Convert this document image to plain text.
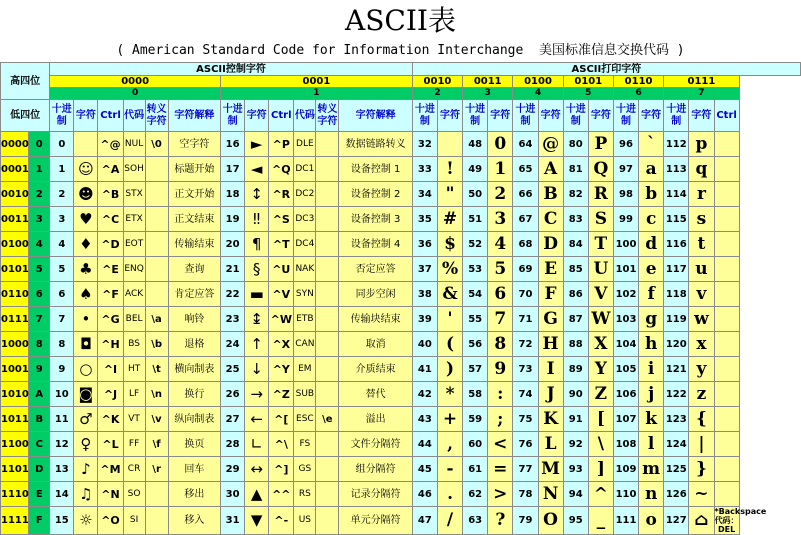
ASCII表
( American Standard Code for Information Interchange  美国标准信息交换代码 )
高四位		ASCII控制字符												ASCII打印字符												
		0000						0001						0010		0011		0100		0101		0110		0111		
		0						1						2		3		4		5		6		7		
低四位		十进制	字符	Ctrl	代码	转义字符	字符解释	十进制	字符	Ctrl	代码	转义字符	字符解释	十进制	字符	十进制	字符	十进制	字符	十进制	字符	十进制	字符	十进制	字符	Ctrl
0000	0	0		^@	NUL	\0	空字符	16	►	^P	DLE		数据链路转义	32		48	0	64	@	80	P	96	`	112	p	
0001	1	1	☺	^A	SOH		标题开始	17	◄	^Q	DC1		设备控制 1	33	!	49	1	65	A	81	Q	97	a	113	q	
0010	2	2	☻	^B	STX		正文开始	18	↕	^R	DC2		设备控制 2	34	"	50	2	66	B	82	R	98	b	114	r	
0011	3	3	♥	^C	ETX		正文结束	19	‼	^S	DC3		设备控制 3	35	#	51	3	67	C	83	S	99	c	115	s	
0100	4	4	♦	^D	EOT		传输结束	20	¶	^T	DC4		设备控制 4	36	$	52	4	68	D	84	T	100	d	116	t	
0101	5	5	♣	^E	ENQ		查询	21	§	^U	NAK		否定应答	37	%	53	5	69	E	85	U	101	e	117	u	
0110	6	6	♠	^F	ACK		肯定应答	22	▬	^V	SYN		同步空闲	38	&	54	6	70	F	86	V	102	f	118	v	
0111	7	7	•	^G	BEL	\a	响铃	23	↨	^W	ETB		传输块结束	39	'	55	7	71	G	87	W	103	g	119	w	
1000	8	8	◘	^H	BS	\b	退格	24	↑	^X	CAN		取消	40	(	56	8	72	H	88	X	104	h	120	x	
1001	9	9	○	^I	HT	\t	横向制表	25	↓	^Y	EM		介质结束	41	)	57	9	73	I	89	Y	105	i	121	y	
1010	A	10	◙	^J	LF	\n	换行	26	→	^Z	SUB		替代	42	*	58	:	74	J	90	Z	106	j	122	z	
1011	B	11	♂	^K	VT	\v	纵向制表	27	←	^[	ESC	\e	溢出	43	+	59	;	75	K	91	[	107	k	123	{	
1100	C	12	♀	^L	FF	\f	换页	28	∟	^\	FS		文件分隔符	44	,	60	<	76	L	92	\	108	l	124	|	
1101	D	13	♪	^M	CR	\r	回车	29	↔	^]	GS		组分隔符	45	-	61	=	77	M	93	]	109	m	125	}	
1110	E	14	♫	^N	SO		移出	30	▲	^^	RS		记录分隔符	46	.	62	>	78	N	94	^	110	n	126	~	
1111	F	15	☼	^O	SI		移入	31	▼	^-	US		单元分隔符	47	/	63	?	79	O	95	_	111	o	127	⌂	*Backspace 代码：DEL
